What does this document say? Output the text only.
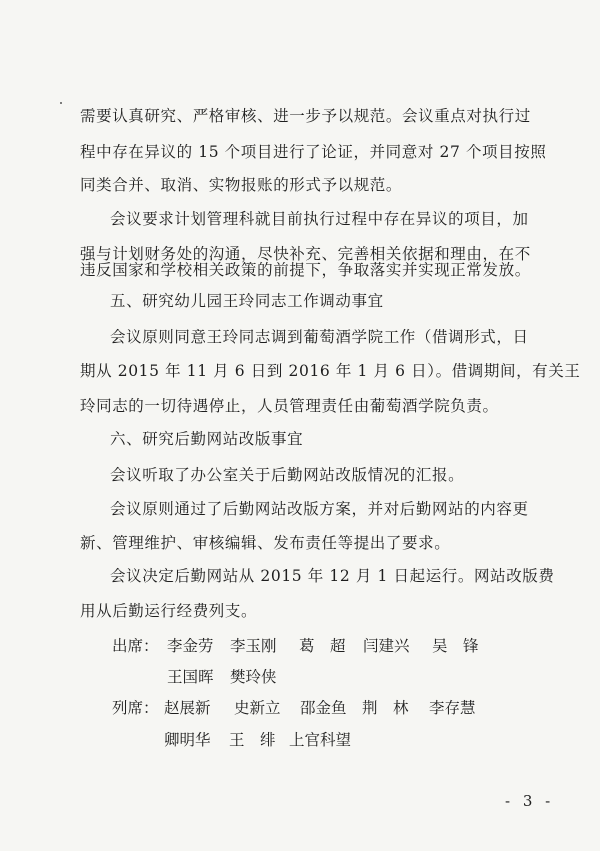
需要认真研究、严格审核、进一步予以规范。会议重点对执行过
程中存在异议的 15 个项目进行了论证，并同意对 27 个项目按照
同类合并、取消、实物报账的形式予以规范。
会议要求计划管理科就目前执行过程中存在异议的项目，加
强与计划财务处的沟通，尽快补充、完善相关依据和理由，在不
违反国家和学校相关政策的前提下，争取落实并实现正常发放。
五、研究幼儿园王玲同志工作调动事宜
会议原则同意王玲同志调到葡萄酒学院工作（借调形式，日
期从 2015 年 11 月 6 日到 2016 年 1 月 6 日）。借调期间，有关王
玲同志的一切待遇停止，人员管理责任由葡萄酒学院负责。
六、研究后勤网站改版事宜
会议听取了办公室关于后勤网站改版情况的汇报。
会议原则通过了后勤网站改版方案，并对后勤网站的内容更
新、管理维护、审核编辑、发布责任等提出了要求。
会议决定后勤网站从 2015 年 12 月 1 日起运行。网站改版费
用从后勤运行经费列支。
出席： 李金劳 李玉刚 葛　超 闫建兴 吴　锋
王国晖 樊玲侠
列席： 赵展新 史新立 邵金鱼 荆　林 李存慧
卿明华 王　绯 上官科望
- 3 -
